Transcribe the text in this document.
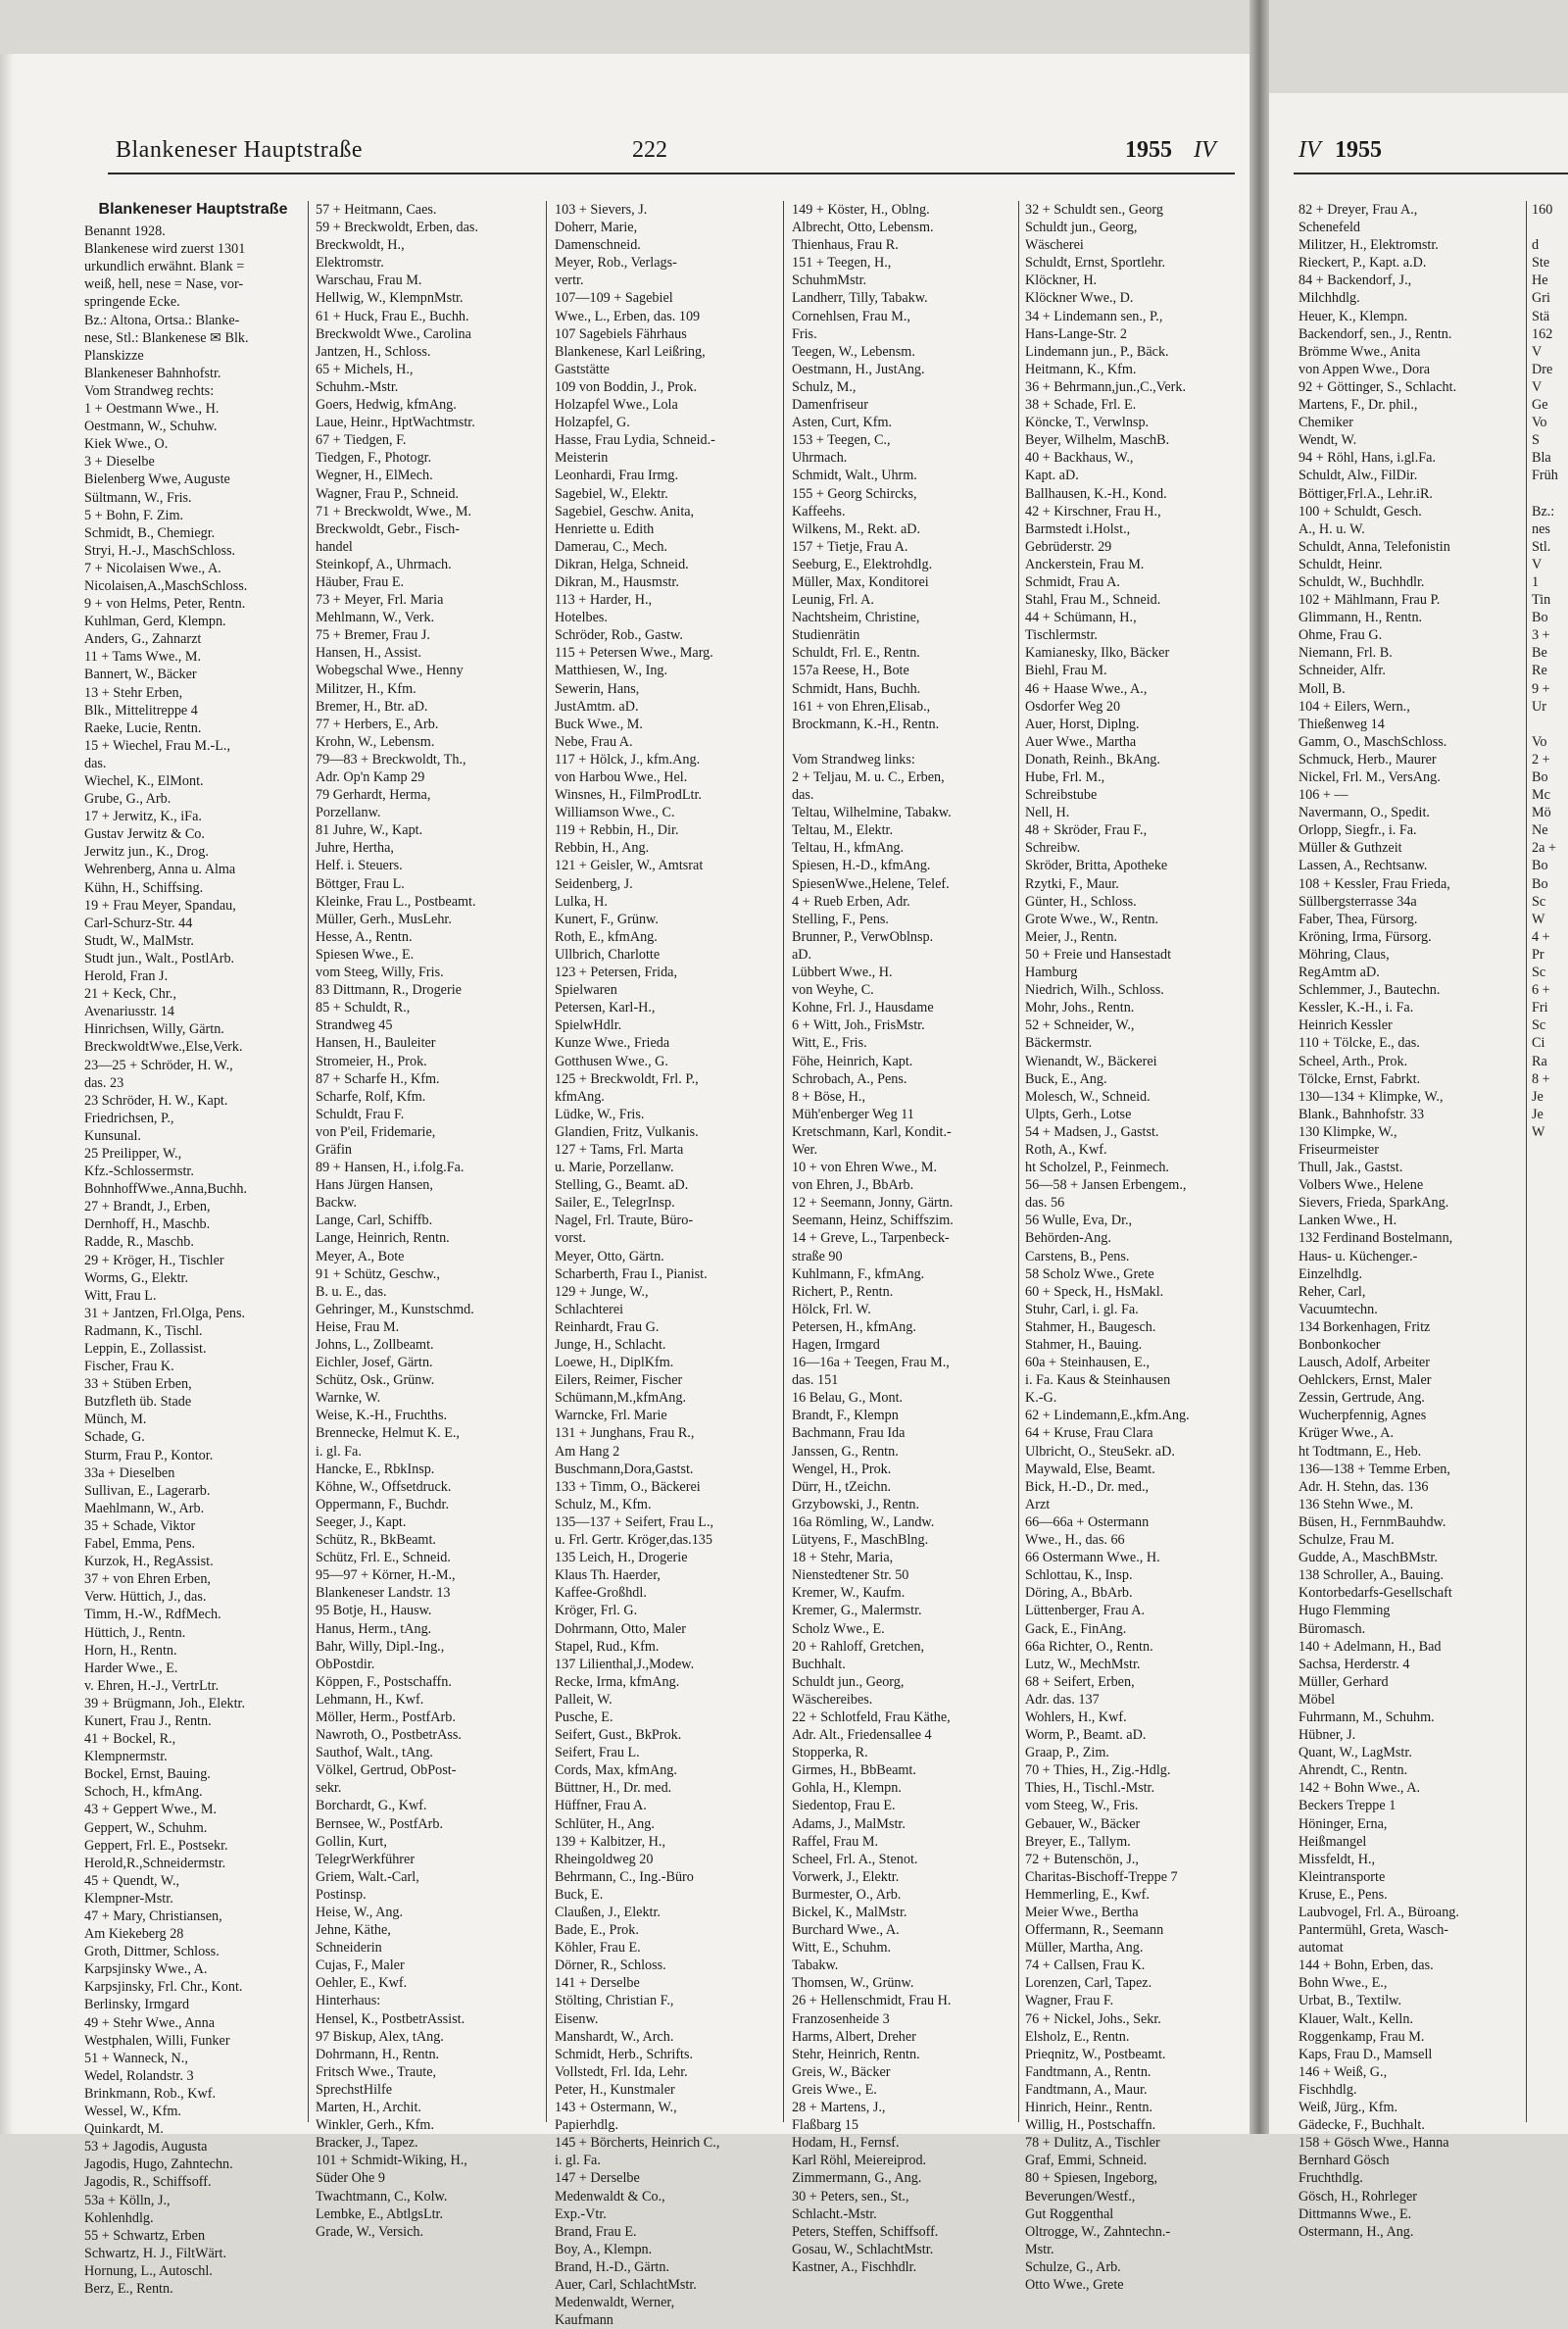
Blankeneser Hauptstraße	222	1955 IV	IV 1955
Blankeneser Hauptstraße
Benannt 1928.
Blankenese wird zuerst 1301
urkundlich erwähnt. Blank =
weiß, hell, nese = Nase, vor-
springende Ecke.
Bz.: Altona, Ortsa.: Blanke-
nese, Stl.: Blankenese ✉ Blk.
Planskizze
Blankeneser Bahnhofstr.
Vom Strandweg rechts:
1 + Oestmann Wwe., H.
Oestmann, W., Schuhw.
Kiek Wwe., O.
3 + Dieselbe
Bielenberg Wwe, Auguste
Sültmann, W., Fris.
5 + Bohn, F. Zim.
Schmidt, B., Chemiegr.
Stryi, H.-J., MaschSchloss.
7 + Nicolaisen Wwe., A.
Nicolaisen,A.,MaschSchloss.
9 + von Helms, Peter, Rentn.
Kuhlman, Gerd, Klempn.
Anders, G., Zahnarzt
11 + Tams Wwe., M.
Bannert, W., Bäcker
13 + Stehr Erben,
Blk., Mittelitreppe 4
Raeke, Lucie, Rentn.
15 + Wiechel, Frau M.-L.,
das.
Wiechel, K., ElMont.
Grube, G., Arb.
17 + Jerwitz, K., iFa.
Gustav Jerwitz & Co.
Jerwitz jun., K., Drog.
Wehrenberg, Anna u. Alma
Kühn, H., Schiffsing.
19 + Frau Meyer, Spandau,
Carl-Schurz-Str. 44
Studt, W., MalMstr.
Studt jun., Walt., PostlArb.
Herold, Fran J.
21 + Keck, Chr.,
Avenariusstr. 14
Hinrichsen, Willy, Gärtn.
BreckwoldtWwe.,Else,Verk.
23—25 + Schröder, H. W.,
das. 23
23 Schröder, H. W., Kapt.
Friedrichsen, P.,
Kunsunal.
25 Preilipper, W.,
Kfz.-Schlossermstr.
BohnhoffWwe.,Anna,Buchh.
27 + Brandt, J., Erben,
Dernhoff, H., Maschb.
Radde, R., Maschb.
29 + Kröger, H., Tischler
Worms, G., Elektr.
Witt, Frau L.
31 + Jantzen, Frl.Olga, Pens.
Radmann, K., Tischl.
Leppin, E., Zollassist.
Fischer, Frau K.
33 + Stüben Erben,
Butzfleth üb. Stade
Münch, M.
Schade, G.
Sturm, Frau P., Kontor.
33a + Dieselben
Sullivan, E., Lagerarb.
Maehlmann, W., Arb.
35 + Schade, Viktor
Fabel, Emma, Pens.
Kurzok, H., RegAssist.
37 + von Ehren Erben,
Verw. Hüttich, J., das.
Timm, H.-W., RdfMech.
Hüttich, J., Rentn.
Horn, H., Rentn.
Harder Wwe., E.
v. Ehren, H.-J., VertrLtr.
39 + Brügmann, Joh., Elektr.
Kunert, Frau J., Rentn.
41 + Bockel, R.,
Klempnermstr.
Bockel, Ernst, Bauing.
Schoch, H., kfmAng.
43 + Geppert Wwe., M.
Geppert, W., Schuhm.
Geppert, Frl. E., Postsekr.
Herold,R.,Schneidermstr.
45 + Quendt, W.,
Klempner-Mstr.
47 + Mary, Christiansen,
Am Kiekeberg 28
Groth, Dittmer, Schloss.
Karpsjinsky Wwe., A.
Karpsjinsky, Frl. Chr., Kont.
Berlinsky, Irmgard
49 + Stehr Wwe., Anna
Westphalen, Willi, Funker
51 + Wanneck, N.,
Wedel, Rolandstr. 3
Brinkmann, Rob., Kwf.
Wessel, W., Kfm.
Quinkardt, M.
53 + Jagodis, Augusta
Jagodis, Hugo, Zahntechn.
Jagodis, R., Schiffsoff.
53a + Kölln, J.,
Kohlenhdlg.
55 + Schwartz, Erben
Schwartz, H. J., FiltWärt.
Hornung, L., Autoschl.
Berz, E., Rentn.
57 + Heitmann, Caes.
59 + Breckwoldt, Erben, das.
Breckwoldt, H.,
Elektromstr.
Warschau, Frau M.
Hellwig, W., KlempnMstr.
61 + Huck, Frau E., Buchh.
Breckwoldt Wwe., Carolina
Jantzen, H., Schloss.
65 + Michels, H.,
Schuhm.-Mstr.
Goers, Hedwig, kfmAng.
Laue, Heinr., HptWachtmstr.
67 + Tiedgen, F.
Tiedgen, F., Photogr.
Wegner, H., ElMech.
Wagner, Frau P., Schneid.
71 + Breckwoldt, Wwe., M.
Breckwoldt, Gebr., Fisch-
handel
Steinkopf, A., Uhrmach.
Häuber, Frau E.
73 + Meyer, Frl. Maria
Mehlmann, W., Verk.
75 + Bremer, Frau J.
Hansen, H., Assist.
Wobegschal Wwe., Henny
Militzer, H., Kfm.
Bremer, H., Btr. aD.
77 + Herbers, E., Arb.
Krohn, W., Lebensm.
79—83 + Breckwoldt, Th.,
Adr. Op'n Kamp 29
79 Gerhardt, Herma,
Porzellanw.
81 Juhre, W., Kapt.
Juhre, Hertha,
Helf. i. Steuers.
Böttger, Frau L.
Kleinke, Frau L., Postbeamt.
Müller, Gerh., MusLehr.
Hesse, A., Rentn.
Spiesen Wwe., E.
vom Steeg, Willy, Fris.
83 Dittmann, R., Drogerie
85 + Schuldt, R.,
Strandweg 45
Hansen, H., Bauleiter
Stromeier, H., Prok.
87 + Scharfe H., Kfm.
Scharfe, Rolf, Kfm.
Schuldt, Frau F.
von P'eil, Fridemarie,
Gräfin
89 + Hansen, H., i.folg.Fa.
Hans Jürgen Hansen,
Backw.
Lange, Carl, Schiffb.
Lange, Heinrich, Rentn.
Meyer, A., Bote
91 + Schütz, Geschw.,
B. u. E., das.
Gehringer, M., Kunstschmd.
Heise, Frau M.
Johns, L., Zollbeamt.
Eichler, Josef, Gärtn.
Schütz, Osk., Grünw.
Warnke, W.
Weise, K.-H., Fruchths.
Brennecke, Helmut K. E.,
i. gl. Fa.
Hancke, E., RbkInsp.
Köhne, W., Offsetdruck.
Oppermann, F., Buchdr.
Seeger, J., Kapt.
Schütz, R., BkBeamt.
Schütz, Frl. E., Schneid.
95—97 + Körner, H.-M.,
Blankeneser Landstr. 13
95 Botje, H., Hausw.
Hanus, Herm., tAng.
Bahr, Willy, Dipl.-Ing.,
ObPostdir.
Köppen, F., Postschaffn.
Lehmann, H., Kwf.
Möller, Herm., PostfArb.
Nawroth, O., PostbetrAss.
Sauthof, Walt., tAng.
Völkel, Gertrud, ObPost-
sekr.
Borchardt, G., Kwf.
Bernsee, W., PostfArb.
Gollin, Kurt,
TelegrWerkführer
Griem, Walt.-Carl,
Postinsp.
Heise, W., Ang.
Jehne, Käthe,
Schneiderin
Cujas, F., Maler
Oehler, E., Kwf.
Hinterhaus:
Hensel, K., PostbetrAssist.
97 Biskup, Alex, tAng.
Dohrmann, H., Rentn.
Fritsch Wwe., Traute,
SprechstHilfe
Marten, H., Archit.
Winkler, Gerh., Kfm.
Bracker, J., Tapez.
101 + Schmidt-Wiking, H.,
Süder Ohe 9
Twachtmann, C., Kolw.
Lembke, E., AbtlgsLtr.
Grade, W., Versich.
103 + Sievers, J.
Doherr, Marie,
Damenschneid.
Meyer, Rob., Verlags-
vertr.
107—109 + Sagebiel
Wwe., L., Erben, das. 109
107 Sagebiels Fährhaus
Blankenese, Karl Leißring,
Gaststätte
109 von Boddin, J., Prok.
Holzapfel Wwe., Lola
Holzapfel, G.
Hasse, Frau Lydia, Schneid.-
Meisterin
Leonhardi, Frau Irmg.
Sagebiel, W., Elektr.
Sagebiel, Geschw. Anita,
Henriette u. Edith
Damerau, C., Mech.
Dikran, Helga, Schneid.
Dikran, M., Hausmstr.
113 + Harder, H.,
Hotelbes.
Schröder, Rob., Gastw.
115 + Petersen Wwe., Marg.
Matthiesen, W., Ing.
Sewerin, Hans,
JustAmtm. aD.
Buck Wwe., M.
Nebe, Frau A.
117 + Hölck, J., kfm.Ang.
von Harbou Wwe., Hel.
Winsnes, H., FilmProdLtr.
Williamson Wwe., C.
119 + Rebbin, H., Dir.
Rebbin, H., Ang.
121 + Geisler, W., Amtsrat
Seidenberg, J.
Lulka, H.
Kunert, F., Grünw.
Roth, E., kfmAng.
Ullbrich, Charlotte
123 + Petersen, Frida,
Spielwaren
Petersen, Karl-H.,
SpielwHdlr.
Kunze Wwe., Frieda
Gotthusen Wwe., G.
125 + Breckwoldt, Frl. P.,
kfmAng.
Lüdke, W., Fris.
Glandien, Fritz, Vulkanis.
127 + Tams, Frl. Marta
u. Marie, Porzellanw.
Stelling, G., Beamt. aD.
Sailer, E., TelegrInsp.
Nagel, Frl. Traute, Büro-
vorst.
Meyer, Otto, Gärtn.
Scharberth, Frau I., Pianist.
129 + Junge, W.,
Schlachterei
Reinhardt, Frau G.
Junge, H., Schlacht.
Loewe, H., DiplKfm.
Eilers, Reimer, Fischer
Schümann,M.,kfmAng.
Warncke, Frl. Marie
131 + Junghans, Frau R.,
Am Hang 2
Buschmann,Dora,Gastst.
133 + Timm, O., Bäckerei
Schulz, M., Kfm.
135—137 + Seifert, Frau L.,
u. Frl. Gertr. Kröger,das.135
135 Leich, H., Drogerie
Klaus Th. Haerder,
Kaffee-Großhdl.
Kröger, Frl. G.
Dohrmann, Otto, Maler
Stapel, Rud., Kfm.
137 Lilienthal,J.,Modew.
Recke, Irma, kfmAng.
Palleit, W.
Pusche, E.
Seifert, Gust., BkProk.
Seifert, Frau L.
Cords, Max, kfmAng.
Büttner, H., Dr. med.
Hüffner, Frau A.
Schlüter, H., Ang.
139 + Kalbitzer, H.,
Rheingoldweg 20
Behrmann, C., Ing.-Büro
Buck, E.
Claußen, J., Elektr.
Bade, E., Prok.
Köhler, Frau E.
Dörner, R., Schloss.
141 + Derselbe
Stölting, Christian F.,
Eisenw.
Manshardt, W., Arch.
Schmidt, Herb., Schrifts.
Vollstedt, Frl. Ida, Lehr.
Peter, H., Kunstmaler
143 + Ostermann, W.,
Papierhdlg.
145 + Börcherts, Heinrich C.,
i. gl. Fa.
147 + Derselbe
Medenwaldt & Co.,
Exp.-Vtr.
Brand, Frau E.
Boy, A., Klempn.
Brand, H.-D., Gärtn.
Auer, Carl, SchlachtMstr.
Medenwaldt, Werner,
Kaufmann
149 + Köster, H., Oblng.
Albrecht, Otto, Lebensm.
Thienhaus, Frau R.
151 + Teegen, H.,
SchuhmMstr.
Landherr, Tilly, Tabakw.
Cornehlsen, Frau M.,
Fris.
Teegen, W., Lebensm.
Oestmann, H., JustAng.
Schulz, M.,
Damenfriseur
Asten, Curt, Kfm.
153 + Teegen, C.,
Uhrmach.
Schmidt, Walt., Uhrm.
155 + Georg Schircks,
Kaffeehs.
Wilkens, M., Rekt. aD.
157 + Tietje, Frau A.
Seeburg, E., Elektrohdlg.
Müller, Max, Konditorei
Leunig, Frl. A.
Nachtsheim, Christine,
Studienrätin
Schuldt, Frl. E., Rentn.
157a Reese, H., Bote
Schmidt, Hans, Buchh.
161 + von Ehren,Elisab.,
Brockmann, K.-H., Rentn.

Vom Strandweg links:
2 + Teljau, M. u. C., Erben,
das.
Teltau, Wilhelmine, Tabakw.
Teltau, M., Elektr.
Teltau, H., kfmAng.
Spiesen, H.-D., kfmAng.
SpiesenWwe.,Helene, Telef.
4 + Rueb Erben, Adr.
Stelling, F., Pens.
Brunner, P., VerwOblnsp.
aD.
Lübbert Wwe., H.
von Weyhe, C.
Kohne, Frl. J., Hausdame
6 + Witt, Joh., FrisMstr.
Witt, E., Fris.
Föhe, Heinrich, Kapt.
Schrobach, A., Pens.
8 + Böse, H.,
Müh'enberger Weg 11
Kretschmann, Karl, Kondit.-
Wer.
10 + von Ehren Wwe., M.
von Ehren, J., BbArb.
12 + Seemann, Jonny, Gärtn.
Seemann, Heinz, Schiffszim.
14 + Greve, L., Tarpenbeck-
straße 90
Kuhlmann, F., kfmAng.
Richert, P., Rentn.
Hölck, Frl. W.
Petersen, H., kfmAng.
Hagen, Irmgard
16—16a + Teegen, Frau M.,
das. 151
16 Belau, G., Mont.
Brandt, F., Klempn
Bachmann, Frau Ida
Janssen, G., Rentn.
Wengel, H., Prok.
Dürr, H., tZeichn.
Grzybowski, J., Rentn.
16a Römling, W., Landw.
Lütyens, F., MaschBlng.
18 + Stehr, Maria,
Nienstedtener Str. 50
Kremer, W., Kaufm.
Kremer, G., Malermstr.
Scholz Wwe., E.
20 + Rahloff, Gretchen,
Buchhalt.
Schuldt jun., Georg,
Wäschereibes.
22 + Schlotfeld, Frau Käthe,
Adr. Alt., Friedensallee 4
Stopperka, R.
Girmes, H., BbBeamt.
Gohla, H., Klempn.
Siedentop, Frau E.
Adams, J., MalMstr.
Raffel, Frau M.
Scheel, Frl. A., Stenot.
Vorwerk, J., Elektr.
Burmester, O., Arb.
Bickel, K., MalMstr.
Burchard Wwe., A.
Witt, E., Schuhm.
Tabakw.
Thomsen, W., Grünw.
26 + Hellenschmidt, Frau H.
Franzosenheide 3
Harms, Albert, Dreher
Stehr, Heinrich, Rentn.
Greis, W., Bäcker
Greis Wwe., E.
28 + Martens, J.,
Flaßbarg 15
Hodam, H., Fernsf.
Karl Röhl, Meiereiprod.
Zimmermann, G., Ang.
30 + Peters, sen., St.,
Schlacht.-Mstr.
Peters, Steffen, Schiffsoff.
Gosau, W., SchlachtMstr.
Kastner, A., Fischhdlr.
32 + Schuldt sen., Georg
Schuldt jun., Georg,
Wäscherei
Schuldt, Ernst, Sportlehr.
Klöckner, H.
Klöckner Wwe., D.
34 + Lindemann sen., P.,
Hans-Lange-Str. 2
Lindemann jun., P., Bäck.
Heitmann, K., Kfm.
36 + Behrmann,jun.,C.,Verk.
38 + Schade, Frl. E.
Köncke, T., Verwlnsp.
Beyer, Wilhelm, MaschB.
40 + Backhaus, W.,
Kapt. aD.
Ballhausen, K.-H., Kond.
42 + Kirschner, Frau H.,
Barmstedt i.Holst.,
Gebrüderstr. 29
Anckerstein, Frau M.
Schmidt, Frau A.
Stahl, Frau M., Schneid.
44 + Schümann, H.,
Tischlermstr.
Kamianesky, Ilko, Bäcker
Biehl, Frau M.
46 + Haase Wwe., A.,
Osdorfer Weg 20
Auer, Horst, Diplng.
Auer Wwe., Martha
Donath, Reinh., BkAng.
Hube, Frl. M.,
Schreibstube
Nell, H.
48 + Skröder, Frau F.,
Schreibw.
Skröder, Britta, Apotheke
Rzytki, F., Maur.
Günter, H., Schloss.
Grote Wwe., W., Rentn.
Meier, J., Rentn.
50 + Freie und Hansestadt
Hamburg
Niedrich, Wilh., Schloss.
Mohr, Johs., Rentn.
52 + Schneider, W.,
Bäckermstr.
Wienandt, W., Bäckerei
Buck, E., Ang.
Molesch, W., Schneid.
Ulpts, Gerh., Lotse
54 + Madsen, J., Gastst.
Roth, A., Kwf.
ht Scholzel, P., Feinmech.
56—58 + Jansen Erbengem.,
das. 56
56 Wulle, Eva, Dr.,
Behörden-Ang.
Carstens, B., Pens.
58 Scholz Wwe., Grete
60 + Speck, H., HsMakl.
Stuhr, Carl, i. gl. Fa.
Stahmer, H., Baugesch.
Stahmer, H., Bauing.
60a + Steinhausen, E.,
i. Fa. Kaus & Steinhausen
K.-G.
62 + Lindemann,E.,kfm.Ang.
64 + Kruse, Frau Clara
Ulbricht, O., SteuSekr. aD.
Maywald, Else, Beamt.
Bick, H.-D., Dr. med.,
Arzt
66—66a + Ostermann
Wwe., H., das. 66
66 Ostermann Wwe., H.
Schlottau, K., Insp.
Döring, A., BbArb.
Lüttenberger, Frau A.
Gack, E., FinAng.
66a Richter, O., Rentn.
Lutz, W., MechMstr.
68 + Seifert, Erben,
Adr. das. 137
Wohlers, H., Kwf.
Worm, P., Beamt. aD.
Graap, P., Zim.
70 + Thies, H., Zig.-Hdlg.
Thies, H., Tischl.-Mstr.
vom Steeg, W., Fris.
Gebauer, W., Bäcker
Breyer, E., Tallym.
72 + Butenschön, J.,
Charitas-Bischoff-Treppe 7
Hemmerling, E., Kwf.
Meier Wwe., Bertha
Offermann, R., Seemann
Müller, Martha, Ang.
74 + Callsen, Frau K.
Lorenzen, Carl, Tapez.
Wagner, Frau F.
76 + Nickel, Johs., Sekr.
Elsholz, E., Rentn.
Prieqnitz, W., Postbeamt.
Fandtmann, A., Rentn.
Fandtmann, A., Maur.
Hinrich, Heinr., Rentn.
Willig, H., Postschaffn.
78 + Dulitz, A., Tischler
Graf, Emmi, Schneid.
80 + Spiesen, Ingeborg,
Beverungen/Westf.,
Gut Roggenthal
Oltrogge, W., Zahntechn.-
Mstr.
Schulze, G., Arb.
Otto Wwe., Grete
82 + Dreyer, Frau A.,
Schenefeld
Militzer, H., Elektromstr.
Rieckert, P., Kapt. a.D.
84 + Backendorf, J.,
Milchhdlg.
Heuer, K., Klempn.
Backendorf, sen., J., Rentn.
Brömme Wwe., Anita
von Appen Wwe., Dora
92 + Göttinger, S., Schlacht.
Martens, F., Dr. phil.,
Chemiker
Wendt, W.
94 + Röhl, Hans, i.gl.Fa.
Schuldt, Alw., FilDir.
Böttiger,Frl.A., Lehr.iR.
100 + Schuldt, Gesch.
A., H. u. W.
Schuldt, Anna, Telefonistin
Schuldt, Heinr.
Schuldt, W., Buchhdlr.
102 + Mählmann, Frau P.
Glimmann, H., Rentn.
Ohme, Frau G.
Niemann, Frl. B.
Schneider, Alfr.
Moll, B.
104 + Eilers, Wern.,
Thießenweg 14
Gamm, O., MaschSchloss.
Schmuck, Herb., Maurer
Nickel, Frl. M., VersAng.
106 + —
Navermann, O., Spedit.
Orlopp, Siegfr., i. Fa.
Müller & Guthzeit
Lassen, A., Rechtsanw.
108 + Kessler, Frau Frieda,
Süllbergsterrasse 34a
Faber, Thea, Fürsorg.
Kröning, Irma, Fürsorg.
Möhring, Claus,
RegAmtm aD.
Schlemmer, J., Bautechn.
Kessler, K.-H., i. Fa.
Heinrich Kessler
110 + Tölcke, E., das.
Scheel, Arth., Prok.
Tölcke, Ernst, Fabrkt.
130—134 + Klimpke, W.,
Blank., Bahnhofstr. 33
130 Klimpke, W.,
Friseurmeister
Thull, Jak., Gastst.
Volbers Wwe., Helene
Sievers, Frieda, SparkAng.
Lanken Wwe., H.
132 Ferdinand Bostelmann,
Haus- u. Küchenger.-
Einzelhdlg.
Reher, Carl,
Vacuumtechn.
134 Borkenhagen, Fritz
Bonbonkocher
Lausch, Adolf, Arbeiter
Oehlckers, Ernst, Maler
Zessin, Gertrude, Ang.
Wucherpfennig, Agnes
Krüger Wwe., A.
ht Todtmann, E., Heb.
136—138 + Temme Erben,
Adr. H. Stehn, das. 136
136 Stehn Wwe., M.
Büsen, H., FernmBauhdw.
Schulze, Frau M.
Gudde, A., MaschBMstr.
138 Schroller, A., Bauing.
Kontorbedarfs-Gesellschaft
Hugo Flemming
Büromasch.
140 + Adelmann, H., Bad
Sachsa, Herderstr. 4
Müller, Gerhard
Möbel
Fuhrmann, M., Schuhm.
Hübner, J.
Quant, W., LagMstr.
Ahrendt, C., Rentn.
142 + Bohn Wwe., A.
Beckers Treppe 1
Höninger, Erna,
Heißmangel
Missfeldt, H.,
Kleintransporte
Kruse, E., Pens.
Laubvogel, Frl. A., Büroang.
Pantermühl, Greta, Wasch-
automat
144 + Bohn, Erben, das.
Bohn Wwe., E.,
Urbat, B., Textilw.
Klauer, Walt., Kelln.
Roggenkamp, Frau M.
Kaps, Frau D., Mamsell
146 + Weiß, G.,
Fischhdlg.
Weiß, Jürg., Kfm.
Gädecke, F., Buchhalt.
158 + Gösch Wwe., Hanna
Bernhard Gösch
Fruchthdlg.
Gösch, H., Rohrleger
Dittmanns Wwe., E.
Ostermann, H., Ang.
160

d
Ste
He
Gri
Stä
162
V
Dre
V
Ge
Vo
S
Bla
Früh

Bz.:
nes
Stl.
V
1
Tin
Bo
3 +
Be
Re
9 +
Ur

Vo
2 +
Bo
Mc
Mö
Ne
2a +
Bo
Bo
Sc
W
4 +
Pr
Sc
6 +
Fri
Sc
Ci
Ra
8 +
Je
Je
W
